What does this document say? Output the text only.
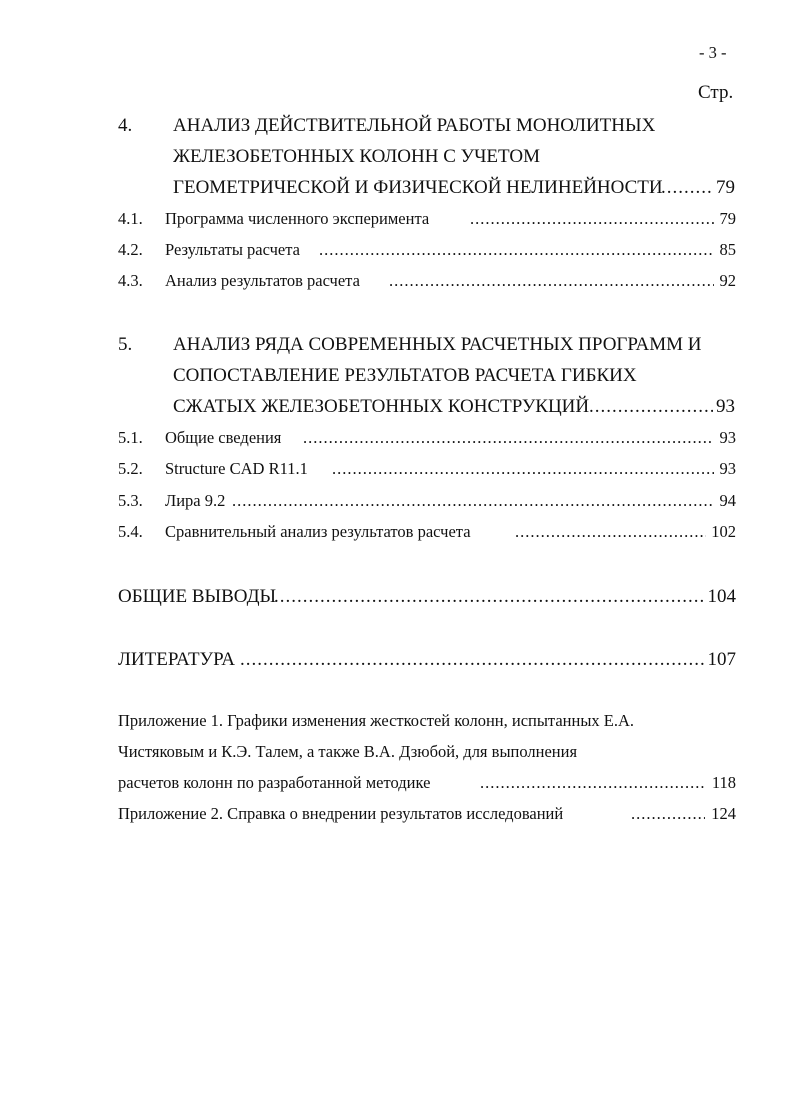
- 3 -
Стр.
4. АНАЛИЗ ДЕЙСТВИТЕЛЬНОЙ РАБОТЫ МОНОЛИТНЫХ
ЖЕЛЕЗОБЕТОННЫХ КОЛОНН С УЧЕТОМ
ГЕОМЕТРИЧЕСКОЙ И ФИЗИЧЕСКОЙ НЕЛИНЕЙНОСТИ .....	79
4.1. Программа численного эксперимента .....	79
4.2. Результаты расчета .....	85
4.3. Анализ результатов расчета .....	92
5. АНАЛИЗ РЯДА СОВРЕМЕННЫХ РАСЧЕТНЫХ ПРОГРАММ И
СОПОСТАВЛЕНИЕ РЕЗУЛЬТАТОВ РАСЧЕТА ГИБКИХ
СЖАТЫХ ЖЕЛЕЗОБЕТОННЫХ КОНСТРУКЦИЙ .....	93
5.1. Общие сведения .....	93
5.2. Structure CAD R11.1 .....	93
5.3. Лира 9.2 .....	94
5.4. Сравнительный анализ результатов расчета .....	102
ОБЩИЕ ВЫВОДЫ .....	104
ЛИТЕРАТУРА .....	107
Приложение 1. Графики изменения жесткостей колонн, испытанных Е.А.
Чистяковым и К.Э. Талем, а также В.А. Дзюбой, для выполнения
расчетов колонн по разработанной методике .....	118
Приложение 2. Справка о внедрении результатов исследований .....	124
